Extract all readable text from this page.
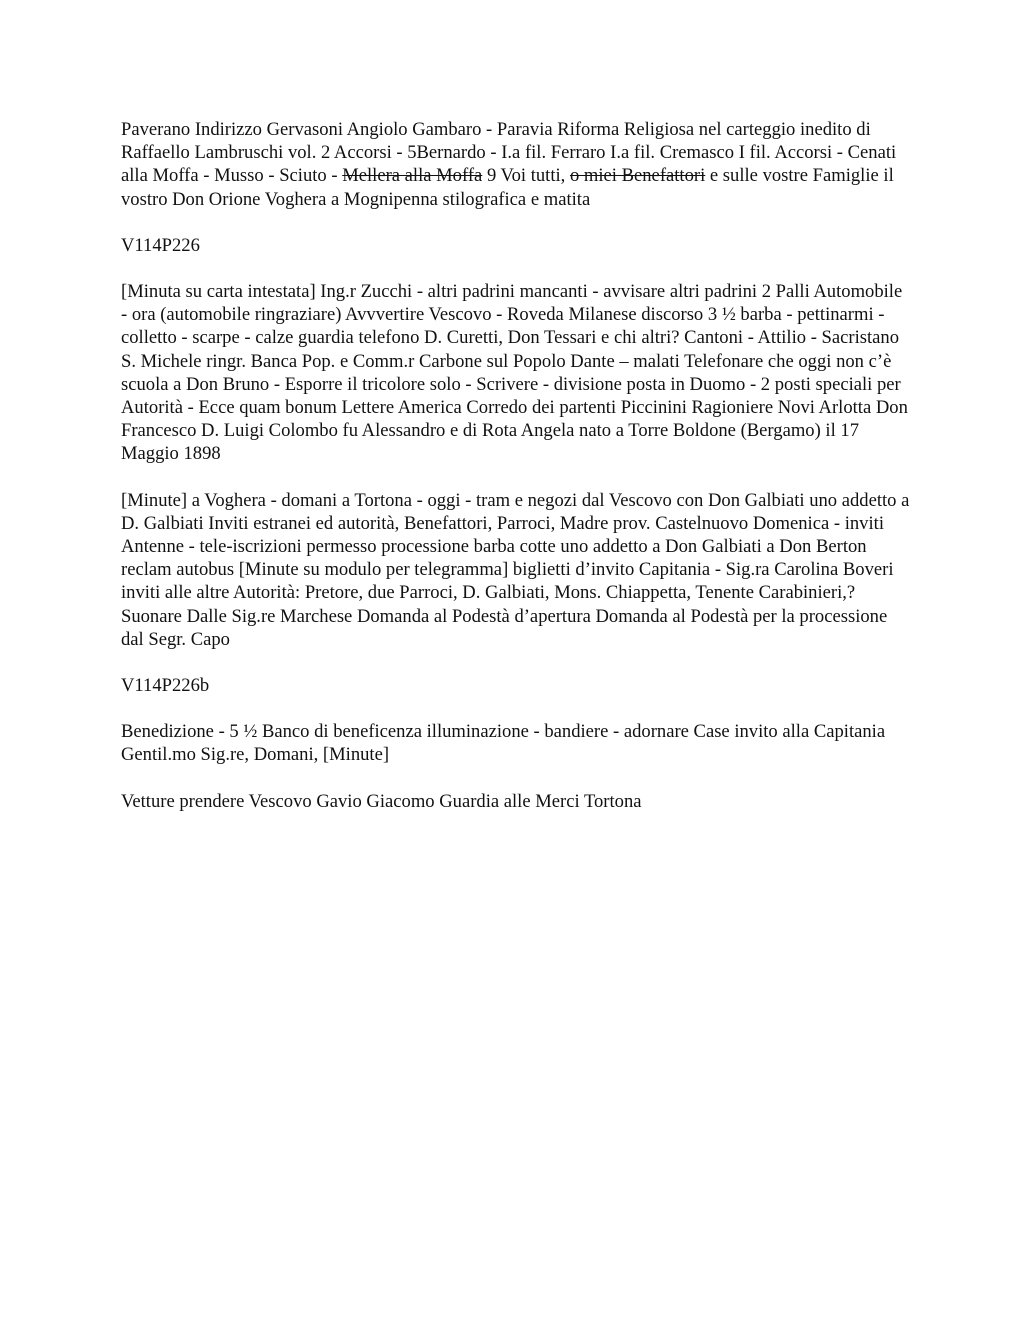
Paverano Indirizzo Gervasoni Angiolo Gambaro - Paravia Riforma Religiosa nel carteggio inedito di Raffaello Lambruschi vol. 2 Accorsi - 5Bernardo - I.a fil. Ferraro I.a fil. Cremasco I fil. Accorsi - Cenati alla Moffa - Musso - Sciuto - Mellera alla Moffa 9 Voi tutti, o miei Benefattori e sulle vostre Famiglie il vostro Don Orione Voghera a Mognipenna stilografica e matita

V114P226

[Minuta su carta intestata] Ing.r Zucchi - altri padrini mancanti - avvisare altri padrini 2 Palli Automobile - ora (automobile ringraziare) Avvvertire Vescovo - Roveda Milanese discorso 3 ½ barba - pettinarmi - colletto - scarpe - calze guardia telefono D. Curetti, Don Tessari e chi altri? Cantoni - Attilio - Sacristano S. Michele ringr. Banca Pop. e Comm.r Carbone sul Popolo Dante – malati Telefonare che oggi non c’è scuola a Don Bruno - Esporre il tricolore solo - Scrivere - divisione posta in Duomo - 2 posti speciali per Autorità - Ecce quam bonum Lettere America Corredo dei partenti Piccinini Ragioniere Novi Arlotta Don Francesco D. Luigi Colombo fu Alessandro e di Rota Angela nato a Torre Boldone (Bergamo) il 17 Maggio 1898

[Minute] a Voghera - domani a Tortona - oggi - tram e negozi dal Vescovo con Don Galbiati uno addetto a D. Galbiati Inviti estranei ed autorità, Benefattori, Parroci, Madre prov. Castelnuovo Domenica - inviti Antenne - tele-iscrizioni permesso processione barba cotte uno addetto a Don Galbiati a Don Berton reclam autobus [Minute su modulo per telegramma] biglietti d’invito Capitania - Sig.ra Carolina Boveri inviti alle altre Autorità: Pretore, due Parroci, D. Galbiati, Mons. Chiappetta, Tenente Carabinieri,? Suonare Dalle Sig.re Marchese Domanda al Podestà d’apertura Domanda al Podestà per la processione dal Segr. Capo

V114P226b

Benedizione - 5 ½ Banco di beneficenza illuminazione - bandiere - adornare Case invito alla Capitania Gentil.mo Sig.re, Domani, [Minute]

Vetture prendere Vescovo Gavio Giacomo Guardia alle Merci Tortona
